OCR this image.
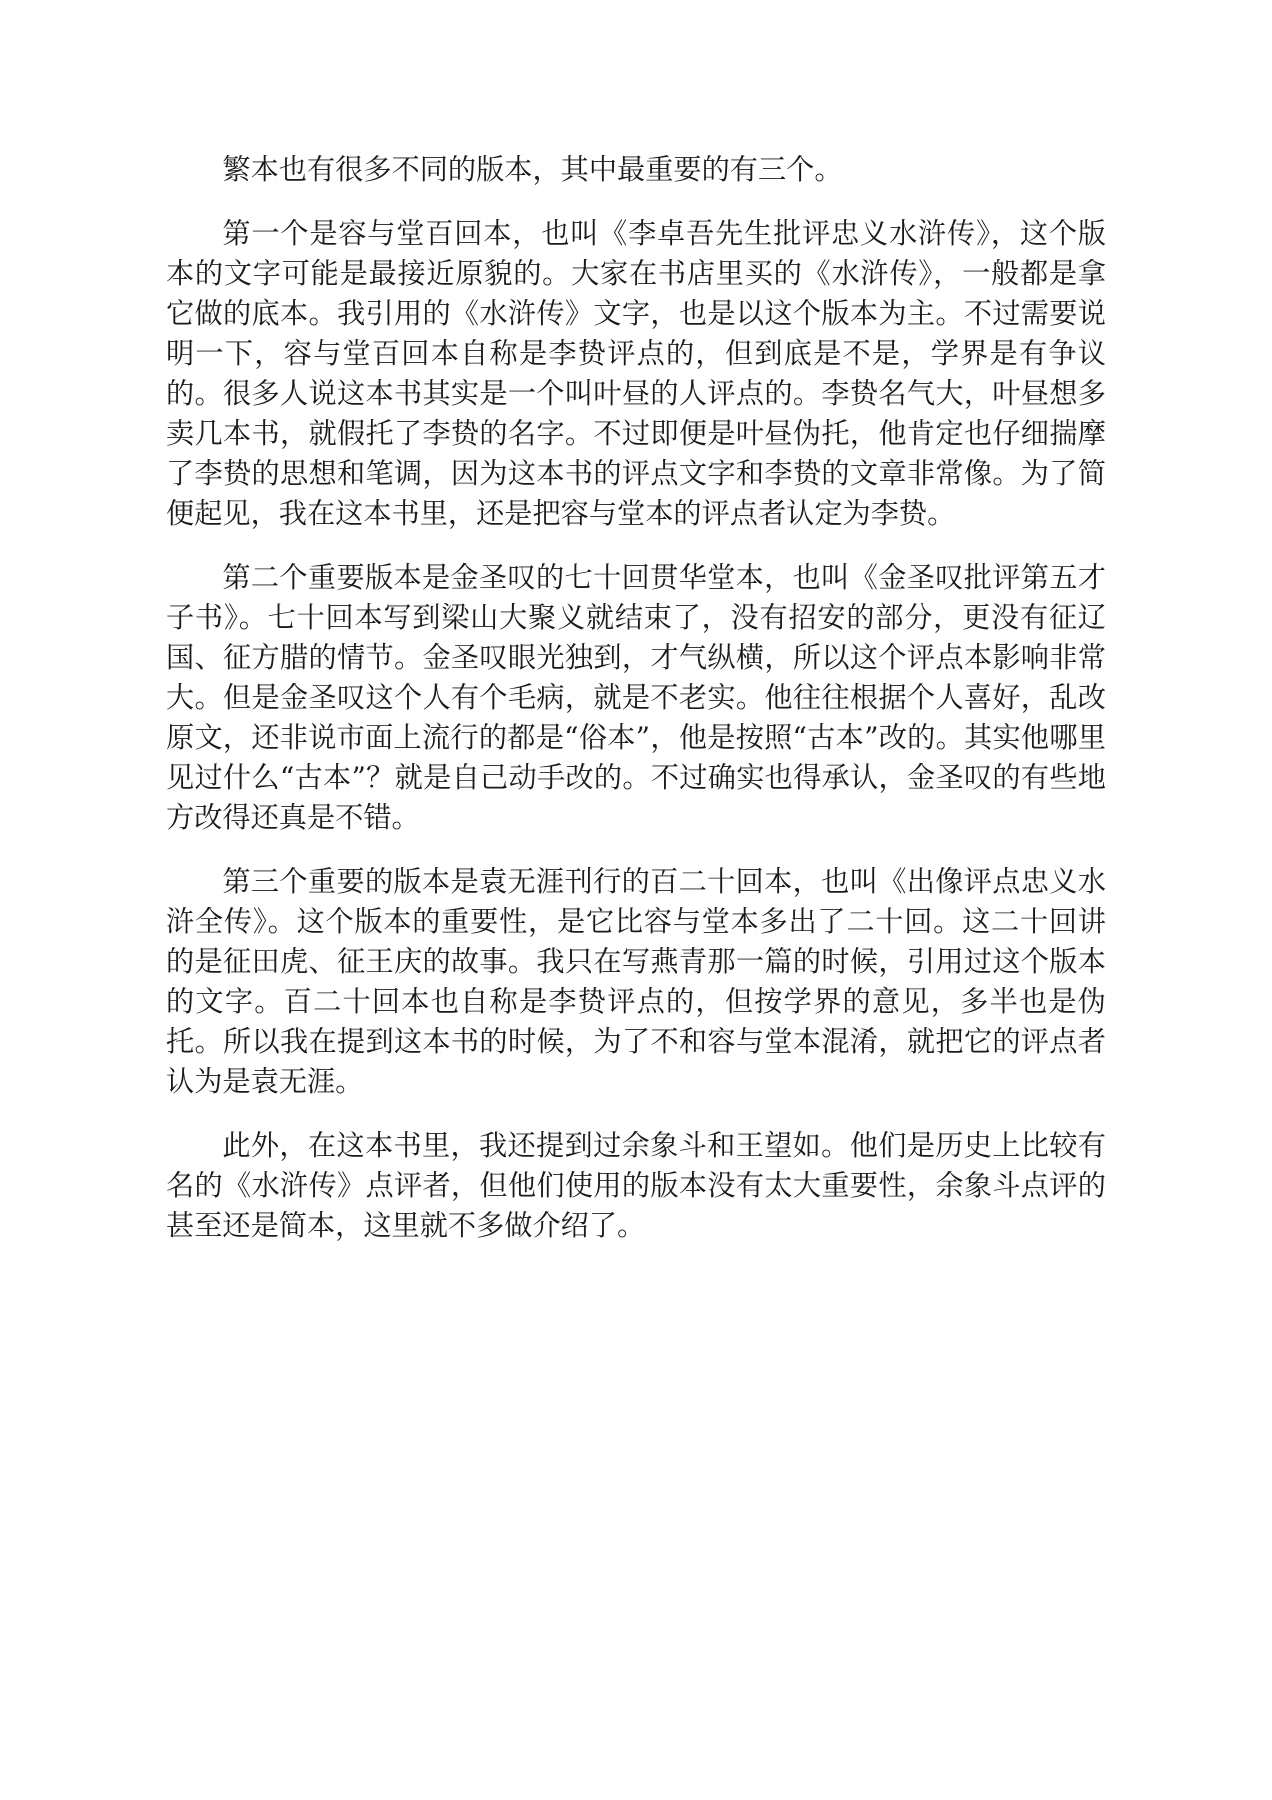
繁本也有很多不同的版本，其中最重要的有三个。

第一个是容与堂百回本，也叫《李卓吾先生批评忠义水浒传》，这个版本的文字可能是最接近原貌的。大家在书店里买的《水浒传》，一般都是拿它做的底本。我引用的《水浒传》文字，也是以这个版本为主。不过需要说明一下，容与堂百回本自称是李贽评点的，但到底是不是，学界是有争议的。很多人说这本书其实是一个叫叶昼的人评点的。李贽名气大，叶昼想多卖几本书，就假托了李贽的名字。不过即便是叶昼伪托，他肯定也仔细揣摩了李贽的思想和笔调，因为这本书的评点文字和李贽的文章非常像。为了简便起见，我在这本书里，还是把容与堂本的评点者认定为李贽。

第二个重要版本是金圣叹的七十回贯华堂本，也叫《金圣叹批评第五才子书》。七十回本写到梁山大聚义就结束了，没有招安的部分，更没有征辽国、征方腊的情节。金圣叹眼光独到，才气纵横，所以这个评点本影响非常大。但是金圣叹这个人有个毛病，就是不老实。他往往根据个人喜好，乱改原文，还非说市面上流行的都是“俗本”，他是按照“古本”改的。其实他哪里见过什么“古本”？就是自己动手改的。不过确实也得承认，金圣叹的有些地方改得还真是不错。

第三个重要的版本是袁无涯刊行的百二十回本，也叫《出像评点忠义水浒全传》。这个版本的重要性，是它比容与堂本多出了二十回。这二十回讲的是征田虎、征王庆的故事。我只在写燕青那一篇的时候，引用过这个版本的文字。百二十回本也自称是李贽评点的，但按学界的意见，多半也是伪托。所以我在提到这本书的时候，为了不和容与堂本混淆，就把它的评点者认为是袁无涯。

此外，在这本书里，我还提到过余象斗和王望如。他们是历史上比较有名的《水浒传》点评者，但他们使用的版本没有太大重要性，余象斗点评的甚至还是简本，这里就不多做介绍了。
